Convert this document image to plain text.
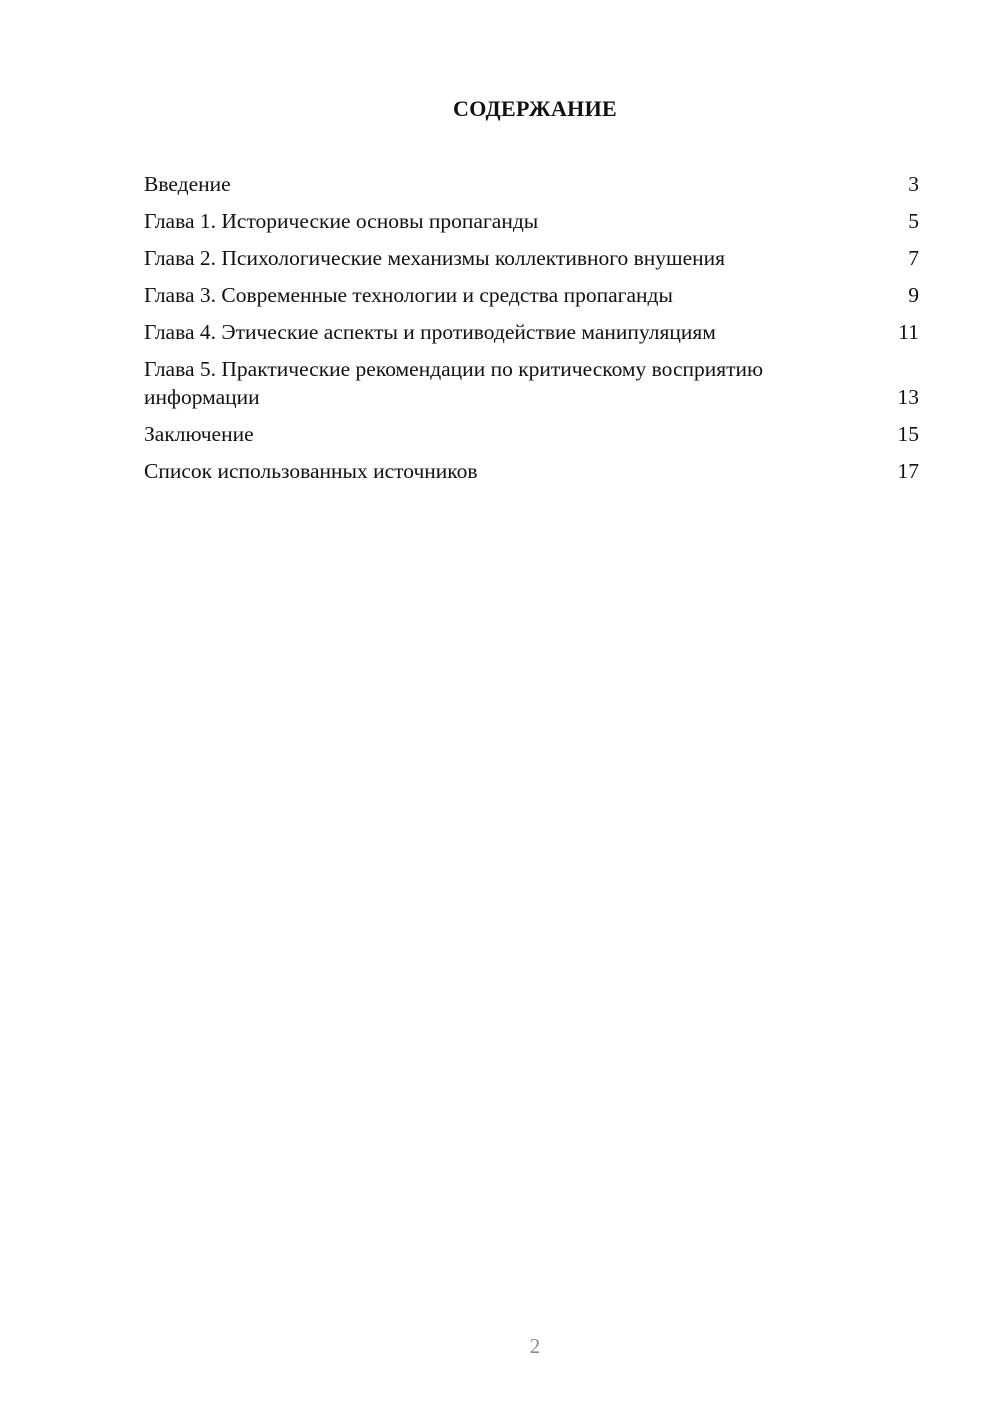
СОДЕРЖАНИЕ
Введение	3
Глава 1. Исторические основы пропаганды	5
Глава 2. Психологические механизмы коллективного внушения	7
Глава 3. Современные технологии и средства пропаганды	9
Глава 4. Этические аспекты и противодействие манипуляциям	11
Глава 5. Практические рекомендации по критическому восприятию информации	13
Заключение	15
Список использованных источников	17
2
